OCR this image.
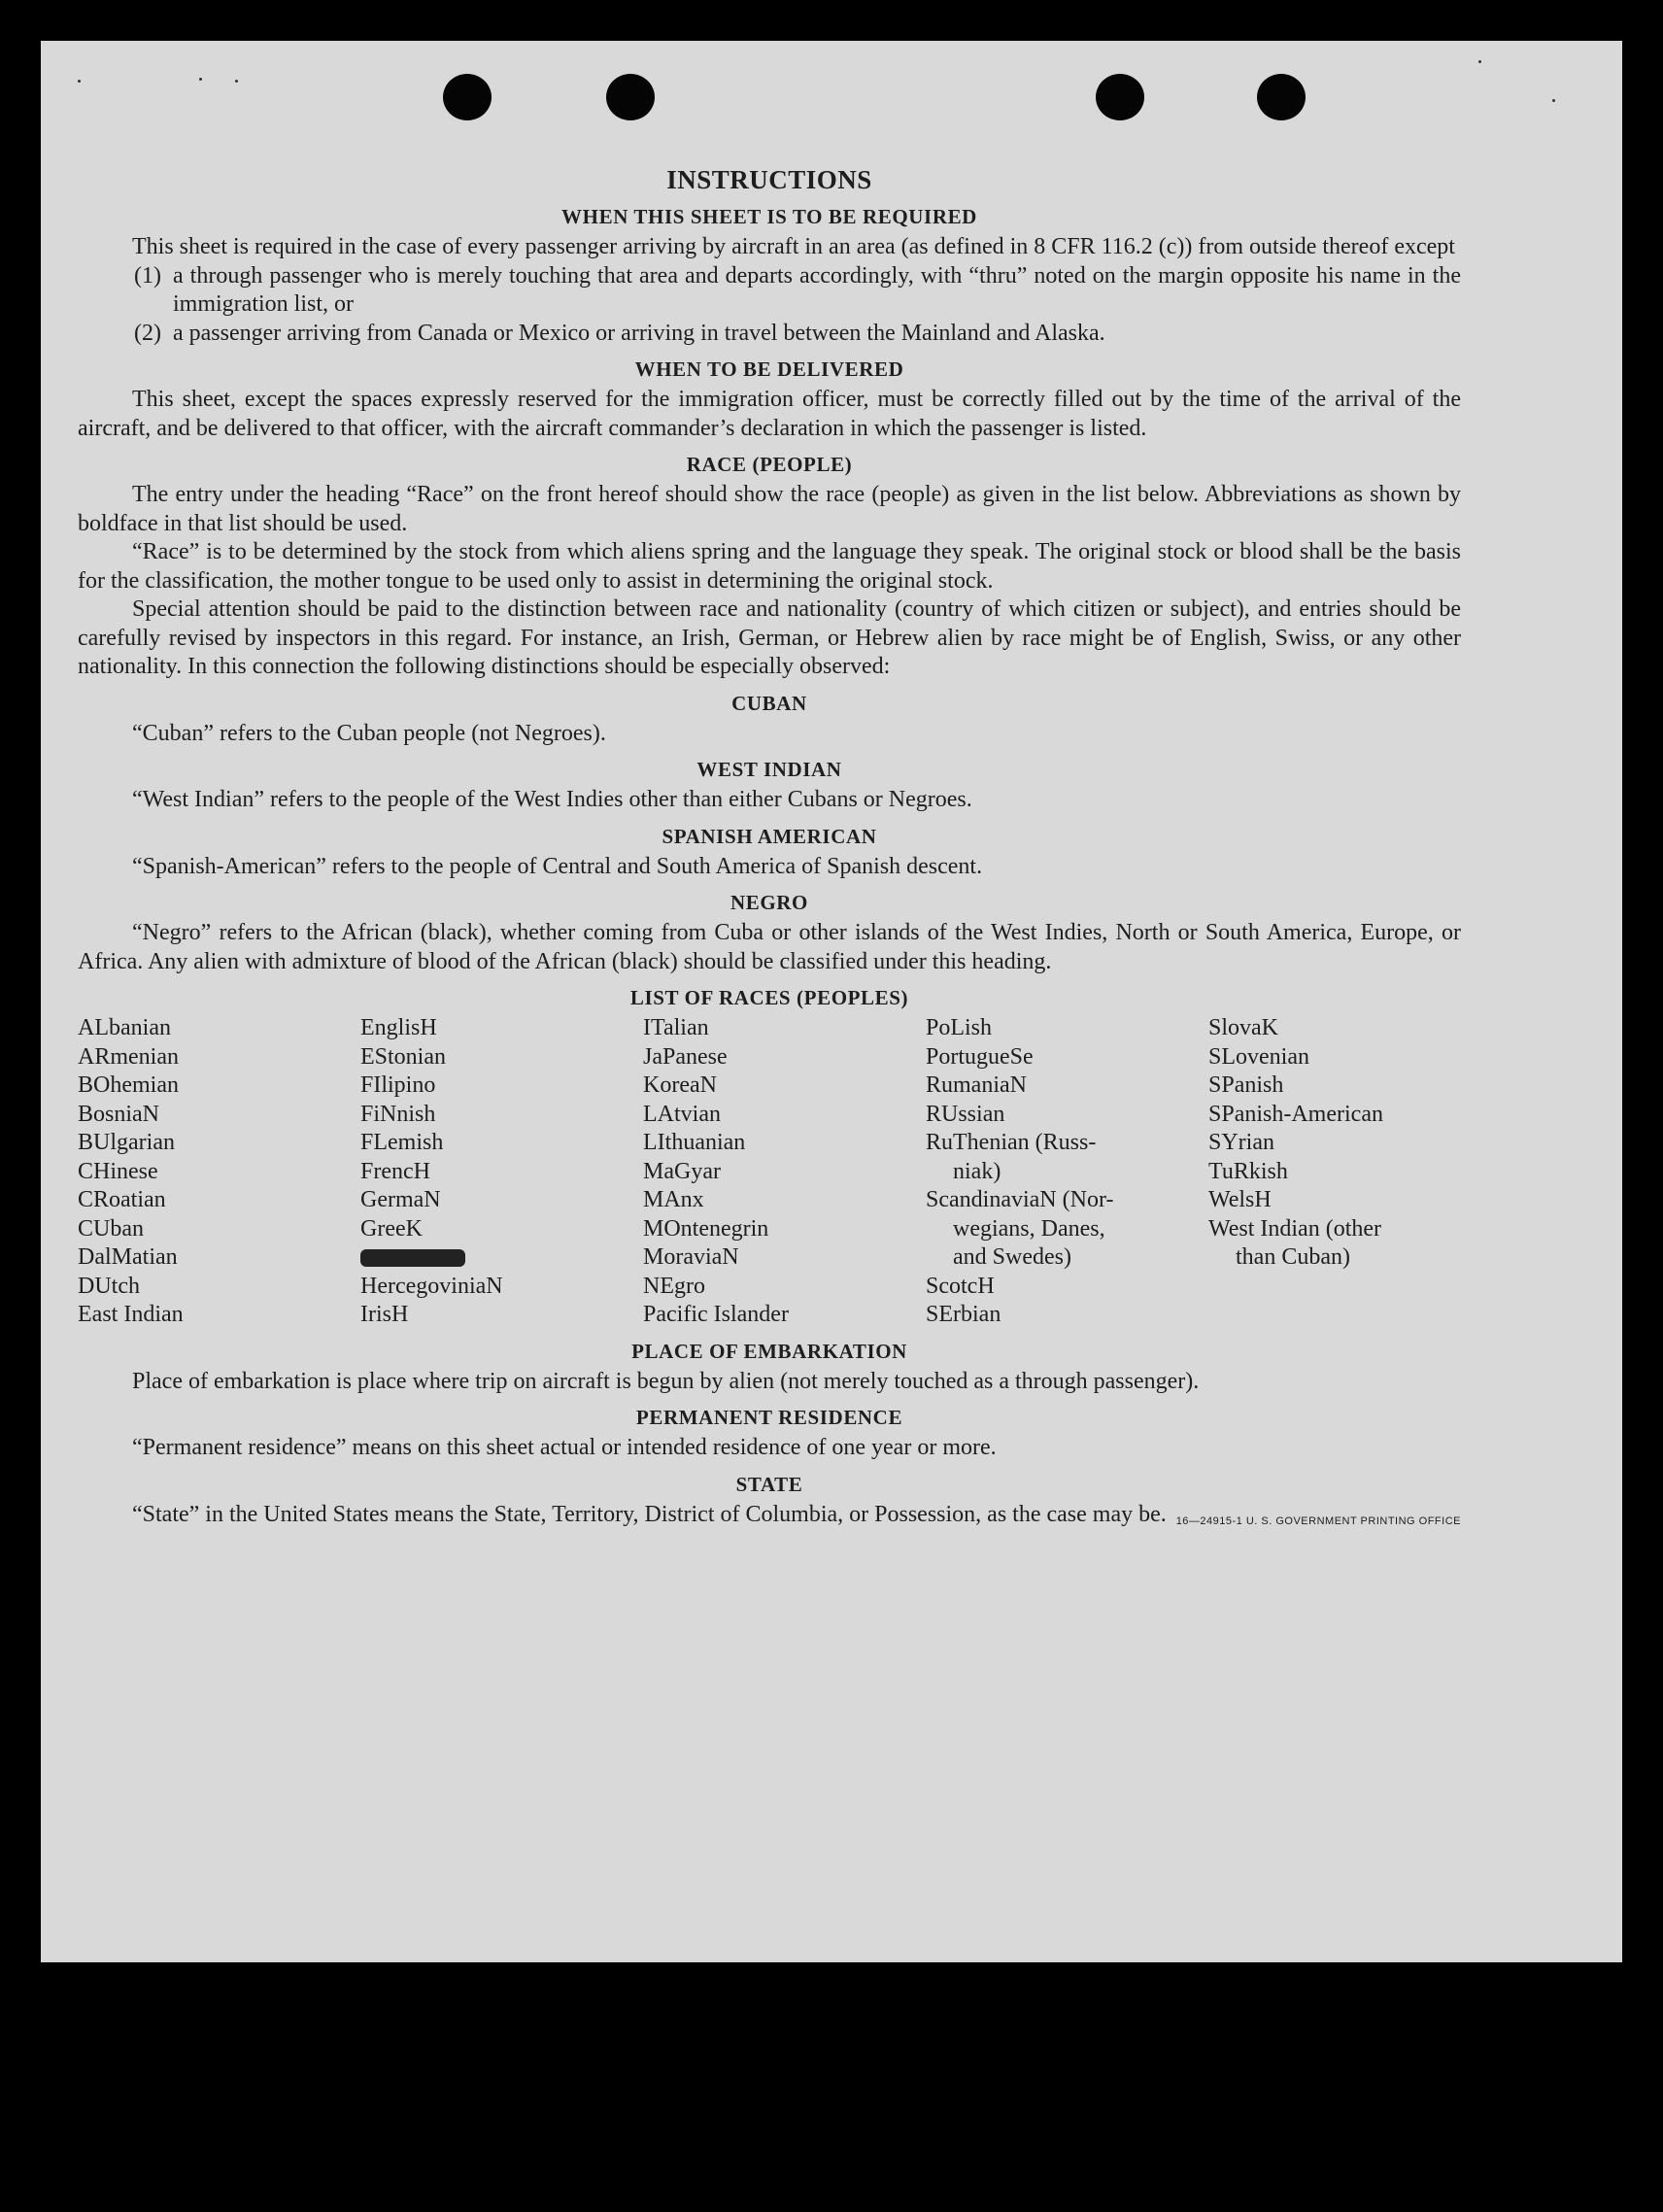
INSTRUCTIONS
WHEN THIS SHEET IS TO BE REQUIRED

This sheet is required in the case of every passenger arriving by aircraft in an area (as defined in 8 CFR 116.2 (c)) from outside thereof except

(1) a through passenger who is merely touching that area and departs accordingly, with “thru” noted on the margin opposite his name in the immigration list, or
(2) a passenger arriving from Canada or Mexico or arriving in travel between the Mainland and Alaska.
WHEN TO BE DELIVERED

This sheet, except the spaces expressly reserved for the immigration officer, must be correctly filled out by the time of the arrival of the aircraft, and be delivered to that officer, with the aircraft commander’s declaration in which the passenger is listed.

RACE (PEOPLE)

The entry under the heading “Race” on the front hereof should show the race (people) as given in the list below. Abbreviations as shown by boldface in that list should be used.

“Race” is to be determined by the stock from which aliens spring and the language they speak. The original stock or blood shall be the basis for the classification, the mother tongue to be used only to assist in determining the original stock.

Special attention should be paid to the distinction between race and nationality (country of which citizen or subject), and entries should be carefully revised by inspectors in this regard. For instance, an Irish, German, or Hebrew alien by race might be of English, Swiss, or any other nationality. In this connection the following distinctions should be especially observed:

CUBAN

“Cuban” refers to the Cuban people (not Negroes).

WEST INDIAN

“West Indian” refers to the people of the West Indies other than either Cubans or Negroes.

SPANISH AMERICAN

“Spanish-American” refers to the people of Central and South America of Spanish descent.

NEGRO

“Negro” refers to the African (black), whether coming from Cuba or other islands of the West Indies, North or South America, Europe, or Africa. Any alien with admixture of blood of the African (black) should be classified under this heading.

LIST OF RACES (PEOPLES)
ALbanian
ARmenian
BOhemian
BosniaN
BUlgarian
CHinese
CRoatian
CUban
DalMatian
DUtch
East Indian
EnglisH
EStonian
FIlipino
FiNnish
FLemish
FrencH
GermaN
GreeK
HercegoviniaN
IrisH
ITalian
JaPanese
KoreaN
LAtvian
LIthuanian
MaGyar
MAnx
MOntenegrin
MoraviaN
NEgro
Pacific Islander
PoLish
PortugueSe
RumaniaN
RUssian
RuThenian (Russ-
niak)
ScandinaviaN (Nor-
wegians, Danes,
and Swedes)
ScotcH
SErbian
SlovaK
SLovenian
SPanish
SPanish-American
SYrian
TuRkish
WelsH
West Indian (other
than Cuban)
PLACE OF EMBARKATION

Place of embarkation is place where trip on aircraft is begun by alien (not merely touched as a through passenger).

PERMANENT RESIDENCE

“Permanent residence” means on this sheet actual or intended residence of one year or more.

STATE

“State” in the United States means the State, Territory, District of Columbia, or Possession, as the case may be. 16—24915-1 U. S. GOVERNMENT PRINTING OFFICE
